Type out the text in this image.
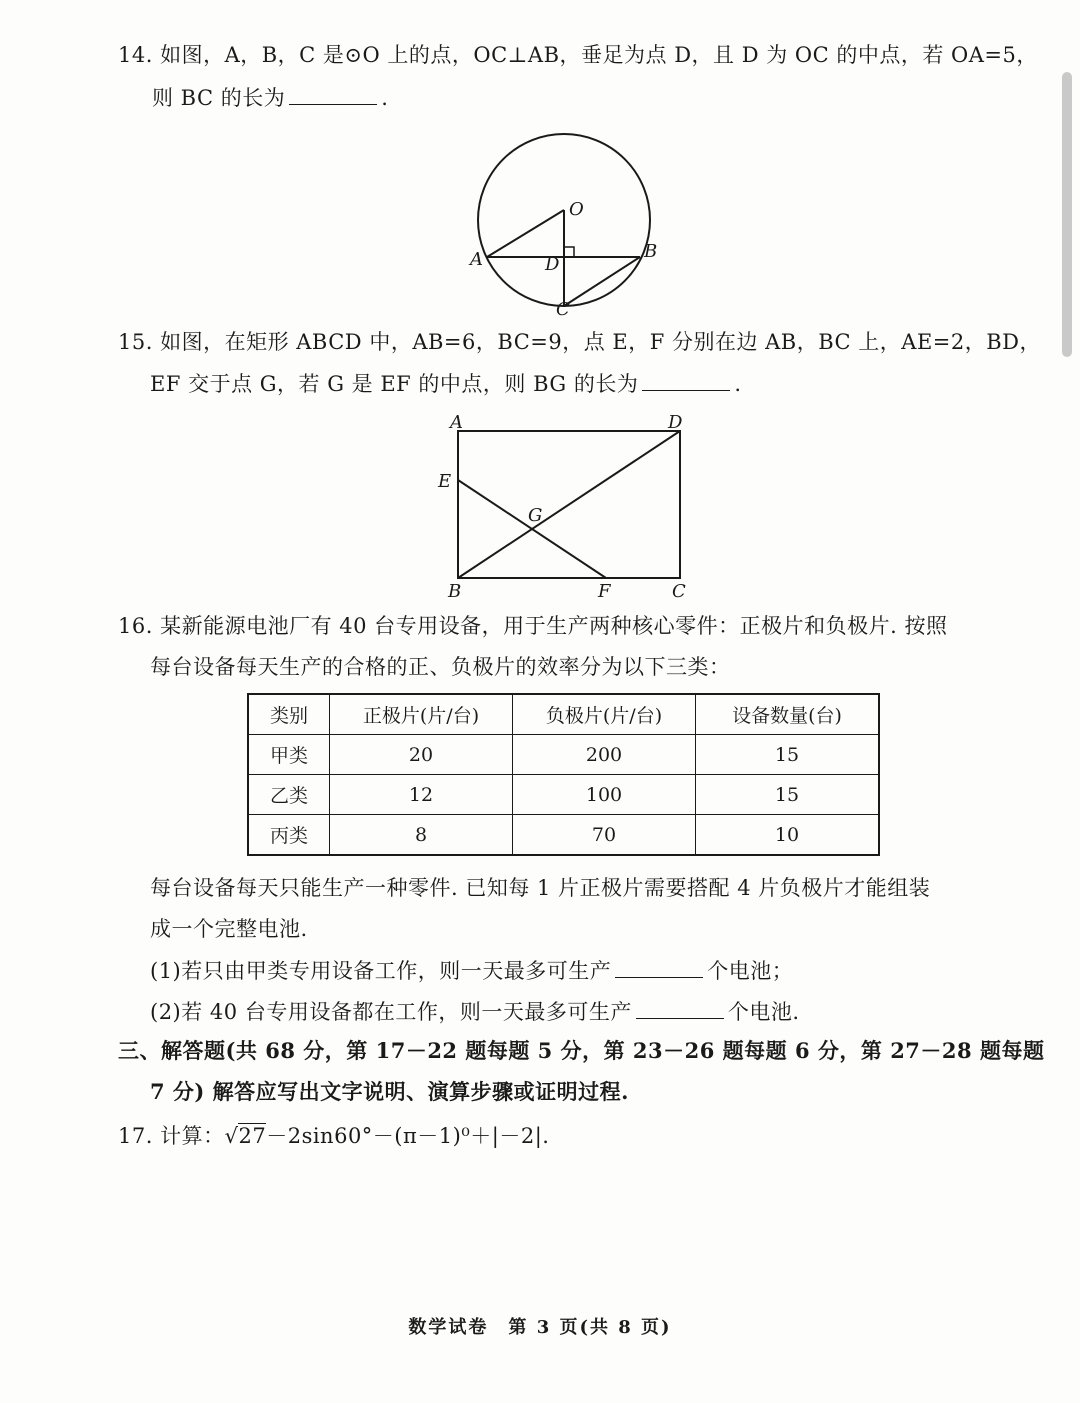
14. 如图，A，B，C 是⊙O 上的点，OC⊥AB，垂足为点 D，且 D 为 OC 的中点，若 OA=5，
则 BC 的长为	.
O
A	B
D
C
15. 如图，在矩形 ABCD 中，AB=6，BC=9，点 E，F 分别在边 AB，BC 上，AE=2，BD，
EF 交于点 G，若 G 是 EF 的中点，则 BG 的长为	.
A	D
E
G
B	F	C
16. 某新能源电池厂有 40 台专用设备，用于生产两种核心零件：正极片和负极片. 按照
每台设备每天生产的合格的正、负极片的效率分为以下三类：
类别	正极片(片/台)	负极片(片/台)	设备数量(台)
甲类	20	200	15
乙类	12	100	15
丙类	8	70	10
每台设备每天只能生产一种零件. 已知每 1 片正极片需要搭配 4 片负极片才能组装
成一个完整电池.
(1)若只由甲类专用设备工作，则一天最多可生产	个电池；
(2)若 40 台专用设备都在工作，则一天最多可生产	个电池.
三、解答题(共 68 分，第 17－22 题每题 5 分，第 23－26 题每题 6 分，第 27－28 题每题
7 分) 解答应写出文字说明、演算步骤或证明过程.
17. 计算：√27－2sin60°－(π－1)⁰＋|－2|.
数学试卷　第 3 页(共 8 页)
